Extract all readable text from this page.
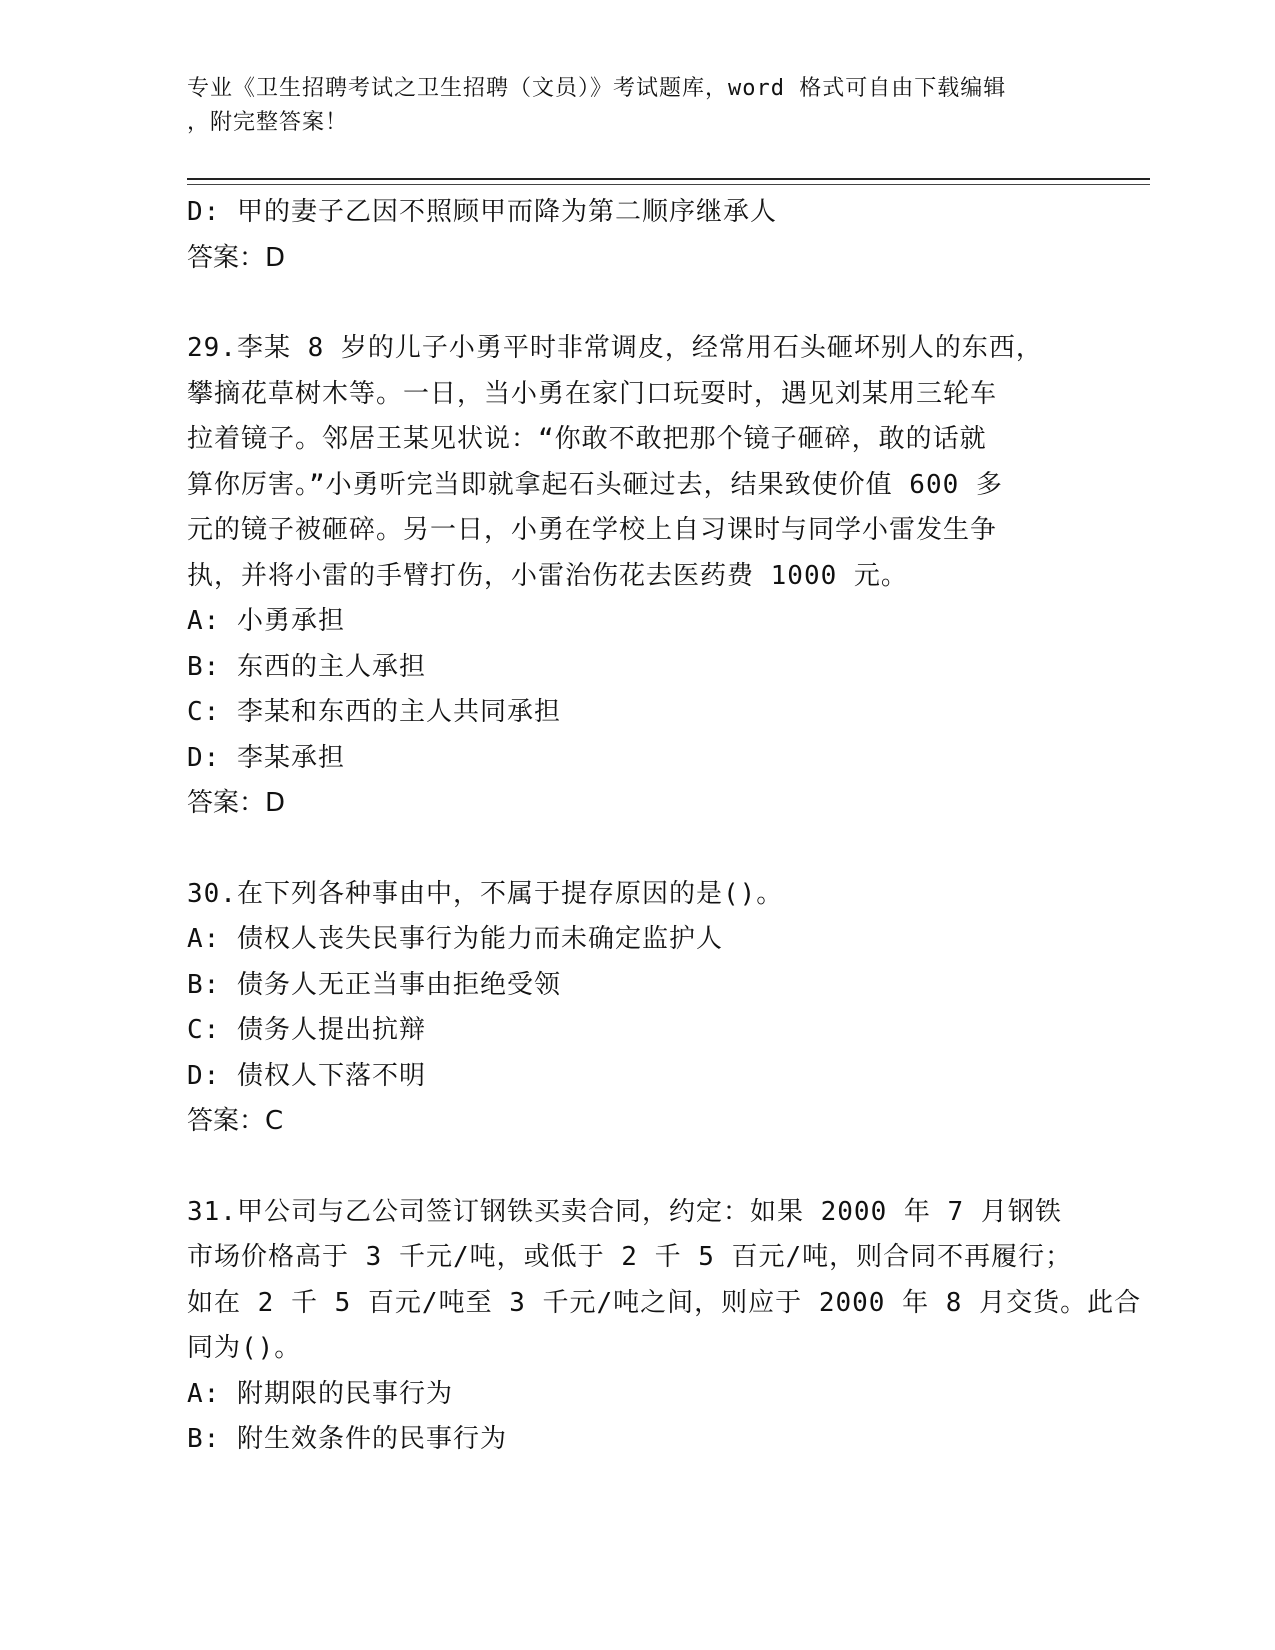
专业《卫生招聘考试之卫生招聘（文员）》考试题库，word 格式可自由下载编辑

，附完整答案！

D: 甲的妻子乙因不照顾甲而降为第二顺序继承人

答案：D

29.李某 8 岁的儿子小勇平时非常调皮，经常用石头砸坏别人的东西，

攀摘花草树木等。一日，当小勇在家门口玩耍时，遇见刘某用三轮车

拉着镜子。邻居王某见状说：“你敢不敢把那个镜子砸碎，敢的话就

算你厉害。”小勇听完当即就拿起石头砸过去，结果致使价值 600 多

元的镜子被砸碎。另一日，小勇在学校上自习课时与同学小雷发生争

执，并将小雷的手臂打伤，小雷治伤花去医药费 1000 元。

A: 小勇承担

B: 东西的主人承担

C: 李某和东西的主人共同承担

D: 李某承担

答案：D

30.在下列各种事由中，不属于提存原因的是()。

A: 债权人丧失民事行为能力而未确定监护人

B: 债务人无正当事由拒绝受领

C: 债务人提出抗辩

D: 债权人下落不明

答案：C

31.甲公司与乙公司签订钢铁买卖合同，约定：如果 2000 年 7 月钢铁

市场价格高于 3 千元/吨，或低于 2 千 5 百元/吨，则合同不再履行；

如在 2 千 5 百元/吨至 3 千元/吨之间，则应于 2000 年 8 月交货。此合

同为()。

A: 附期限的民事行为

B: 附生效条件的民事行为
